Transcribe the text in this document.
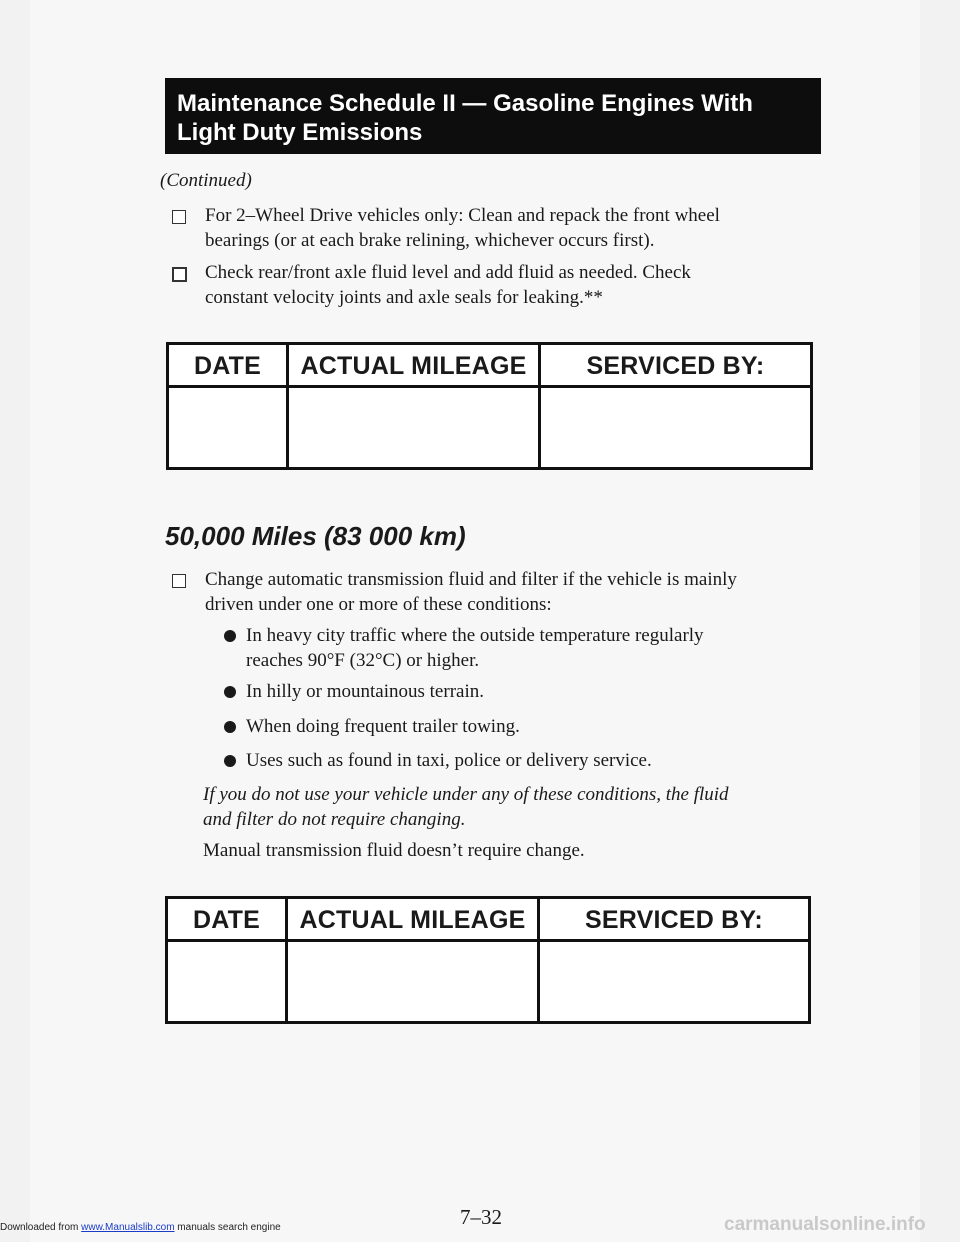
Maintenance Schedule II — Gasoline Engines With
Light Duty Emissions
(Continued)
For 2–Wheel Drive vehicles only: Clean and repack the front wheel
bearings (or at each brake relining, whichever occurs first).
Check rear/front axle fluid level and add fluid as needed. Check
constant velocity joints and axle seals for leaking.**
DATE	ACTUAL MILEAGE	SERVICED BY:
50,000 Miles (83 000 km)
Change automatic transmission fluid and filter if the vehicle is mainly
driven under one or more of these conditions:
In heavy city traffic where the outside temperature regularly
reaches 90°F (32°C) or higher.
In hilly or mountainous terrain.
When doing frequent trailer towing.
Uses such as found in taxi, police or delivery service.
If you do not use your vehicle under any of these conditions, the fluid
and filter do not require changing.
Manual transmission fluid doesn’t require change.
DATE	ACTUAL MILEAGE	SERVICED BY:
7–32
Downloaded from www.Manualslib.com manuals search engine	carmanualsonline.info
